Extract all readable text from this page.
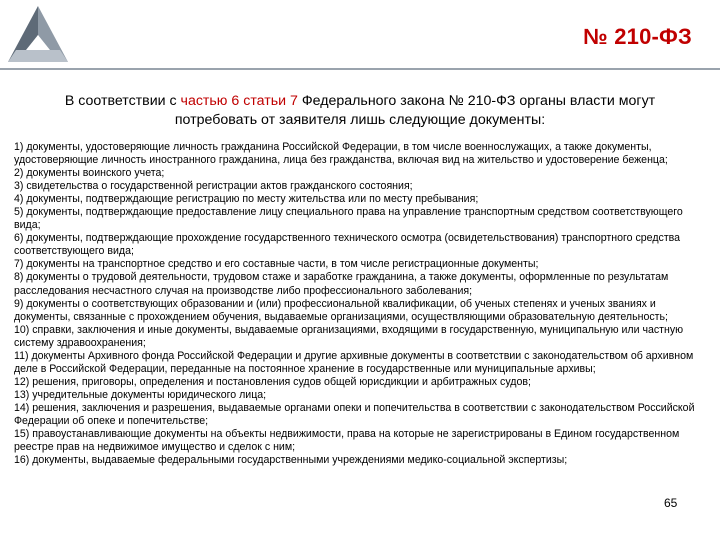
№ 210-ФЗ
В соответствии с частью 6 статьи 7 Федерального закона № 210-ФЗ органы власти могут
потребовать от заявителя лишь следующие документы:
1) документы, удостоверяющие личность гражданина Российской Федерации, в том числе военнослужащих, а также документы, удостоверяющие личность иностранного гражданина, лица без гражданства, включая вид на жительство и удостоверение беженца;
2) документы воинского учета;
3) свидетельства о государственной регистрации актов гражданского состояния;
4) документы, подтверждающие регистрацию по месту жительства или по месту пребывания;
5) документы, подтверждающие предоставление лицу специального права на управление транспортным средством соответствующего вида;
6) документы, подтверждающие прохождение государственного технического осмотра (освидетельствования) транспортного средства соответствующего вида;
7) документы на транспортное средство и его составные части, в том числе регистрационные документы;
8) документы о трудовой деятельности, трудовом стаже и заработке гражданина, а также документы, оформленные по результатам расследования несчастного случая на производстве либо профессионального заболевания;
9) документы о соответствующих образовании и (или) профессиональной квалификации, об ученых степенях и ученых званиях и документы, связанные с прохождением обучения, выдаваемые организациями, осуществляющими образовательную деятельность;
10) справки, заключения и иные документы, выдаваемые организациями, входящими в государственную, муниципальную или частную систему здравоохранения;
11) документы Архивного фонда Российской Федерации и другие архивные документы в соответствии с законодательством об архивном деле в Российской Федерации, переданные на постоянное хранение в государственные или муниципальные архивы;
12) решения, приговоры, определения и постановления судов общей юрисдикции и арбитражных судов;
13) учредительные документы юридического лица;
14) решения, заключения и разрешения, выдаваемые органами опеки и попечительства в соответствии с законодательством Российской Федерации об опеке и попечительстве;
15) правоустанавливающие документы на объекты недвижимости, права на которые не зарегистрированы в Едином государственном реестре прав на недвижимое имущество и сделок с ним;
16) документы, выдаваемые федеральными государственными учреждениями медико-социальной экспертизы;
65
